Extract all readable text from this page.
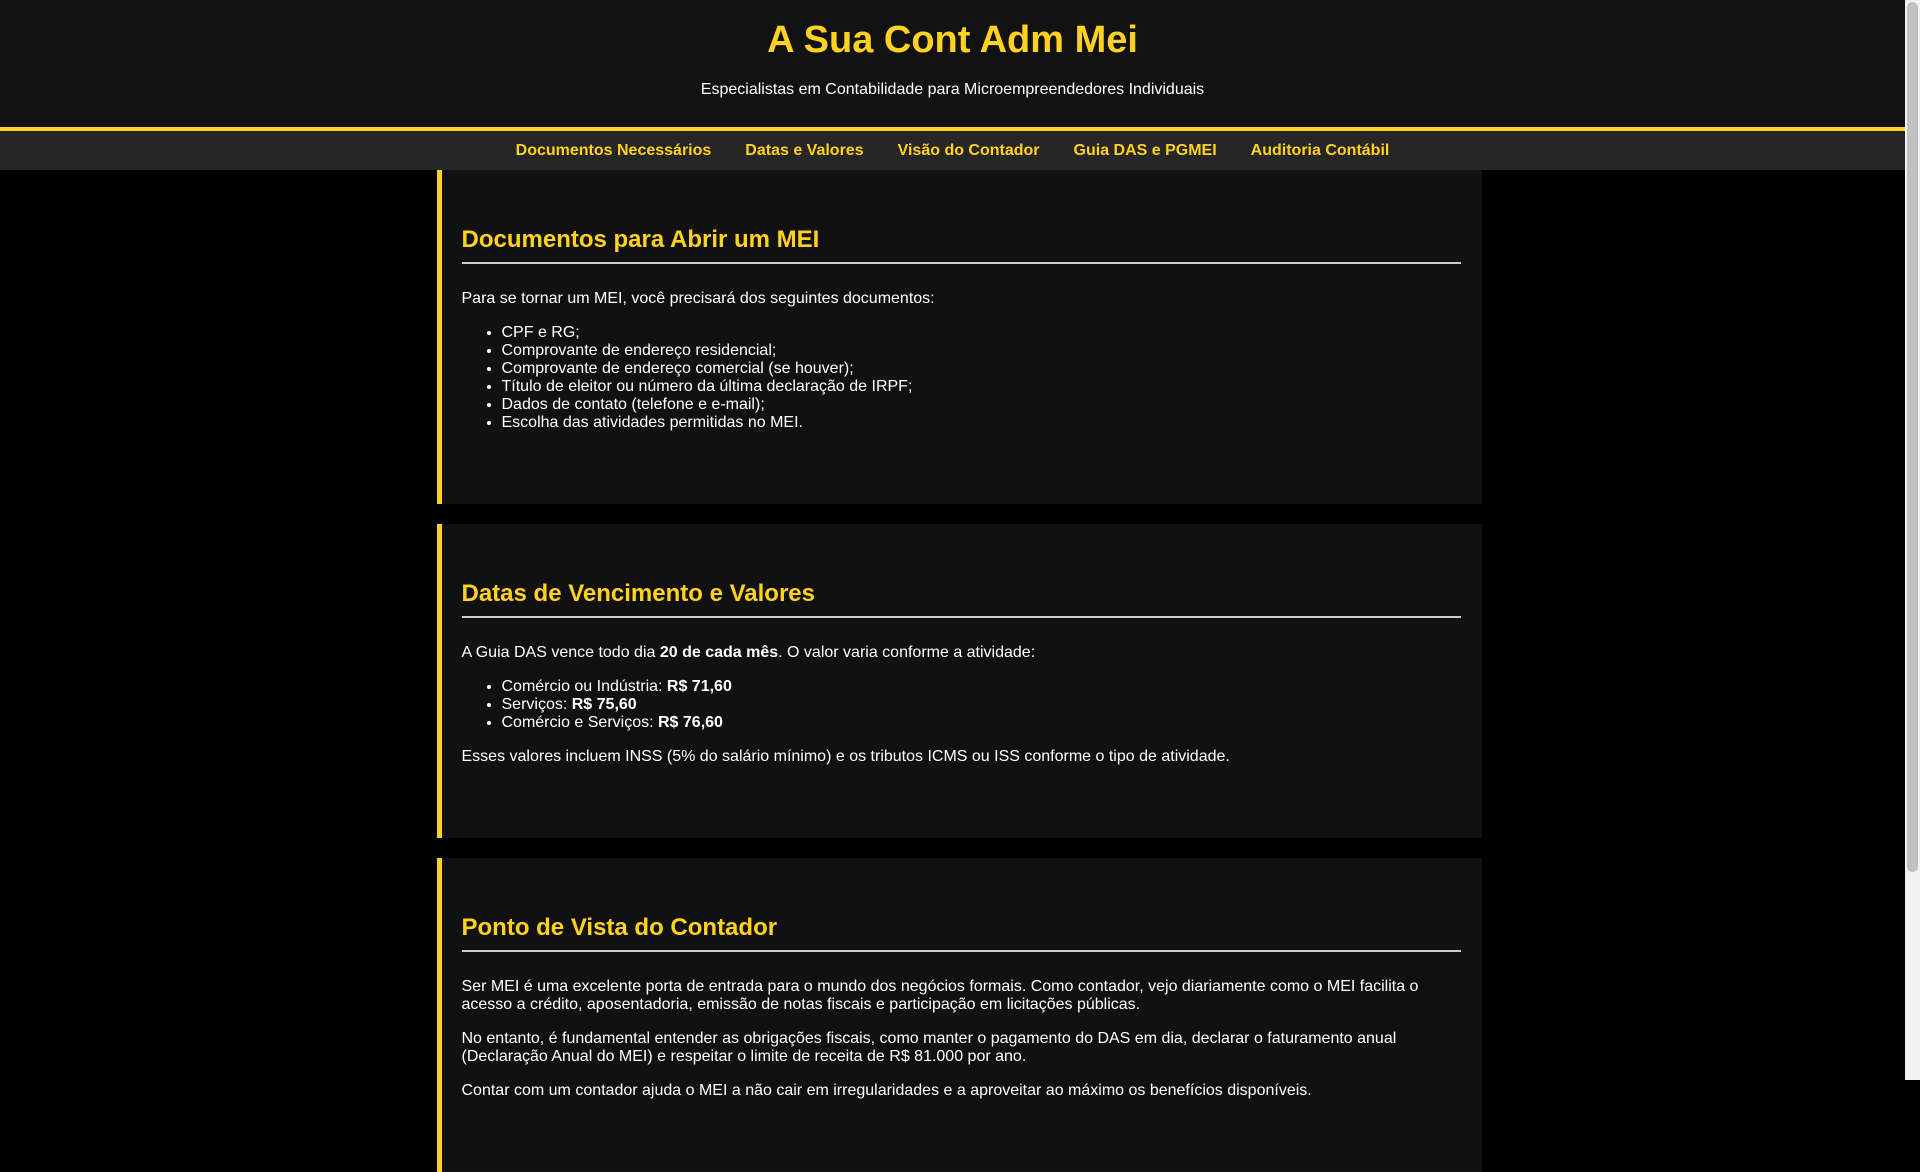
A Sua Cont Adm Mei

Especialistas em Contabilidade para Microempreendedores Individuais

Documentos Necessários Datas e Valores Visão do Contador Guia DAS e PGMEI Auditoria Contábil
Documentos para Abrir um MEI

Para se tornar um MEI, você precisará dos seguintes documentos:

• CPF e RG;
• Comprovante de endereço residencial;
• Comprovante de endereço comercial (se houver);
• Título de eleitor ou número da última declaração de IRPF;
• Dados de contato (telefone e e-mail);
• Escolha das atividades permitidas no MEI.
Datas de Vencimento e Valores

A Guia DAS vence todo dia 20 de cada mês. O valor varia conforme a atividade:

• Comércio ou Indústria: R$ 71,60
• Serviços: R$ 75,60
• Comércio e Serviços: R$ 76,60

Esses valores incluem INSS (5% do salário mínimo) e os tributos ICMS ou ISS conforme o tipo de atividade.

Ponto de Vista do Contador

Ser MEI é uma excelente porta de entrada para o mundo dos negócios formais. Como contador, vejo diariamente como o MEI facilita o acesso a crédito, aposentadoria, emissão de notas fiscais e participação em licitações públicas.

No entanto, é fundamental entender as obrigações fiscais, como manter o pagamento do DAS em dia, declarar o faturamento anual (Declaração Anual do MEI) e respeitar o limite de receita de R$ 81.000 por ano.

Contar com um contador ajuda o MEI a não cair em irregularidades e a aproveitar ao máximo os benefícios disponíveis.
